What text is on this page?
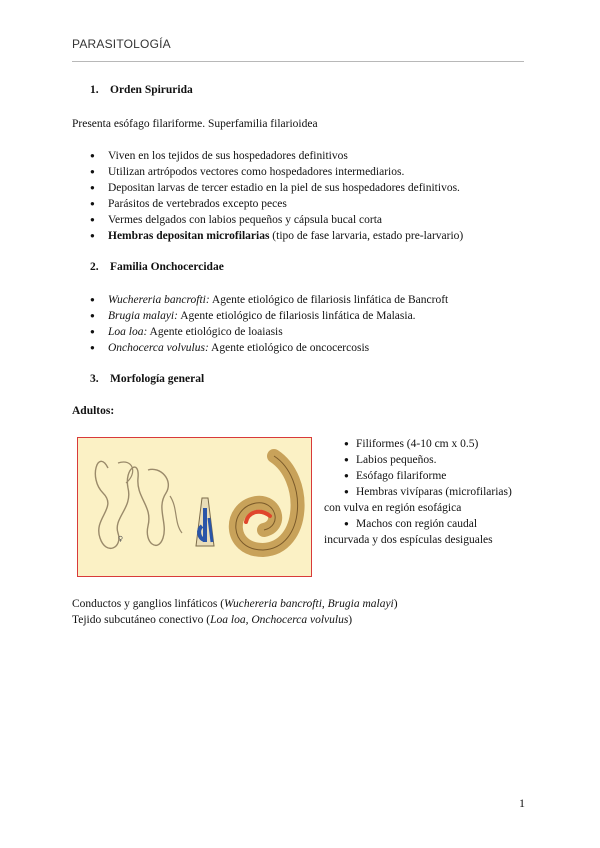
PARASITOLOGÍA
1. Orden Spirurida
Presenta esófago filariforme. Superfamilia filarioidea
● Viven en los tejidos de sus hospedadores definitivos
● Utilizan artrópodos vectores como hospedadores intermediarios.
● Depositan larvas de tercer estadio en la piel de sus hospedadores definitivos.
● Parásitos de vertebrados excepto peces
● Vermes delgados con labios pequeños y cápsula bucal corta
● Hembras depositan microfilarias (tipo de fase larvaria, estado pre-larvario)
2. Familia Onchocercidae
● Wuchereria bancrofti: Agente etiológico de filariosis linfática de Bancroft
● Brugia malayi: Agente etiológico de filariosis linfática de Malasia.
● Loa loa: Agente etiológico de loaiasis
● Onchocerca volvulus: Agente etiológico de oncocercosis
3. Morfología general
Adultos:
♀
● Filiformes (4-10 cm x 0.5)
● Labios pequeños.
● Esófago filariforme
● Hembras vivíparas (microfilarias)
con vulva en región esofágica
● Machos con región caudal
incurvada y dos espículas desiguales
Conductos y ganglios linfáticos (Wuchereria bancrofti, Brugia malayi)
Tejido subcutáneo conectivo (Loa loa, Onchocerca volvulus)
1
